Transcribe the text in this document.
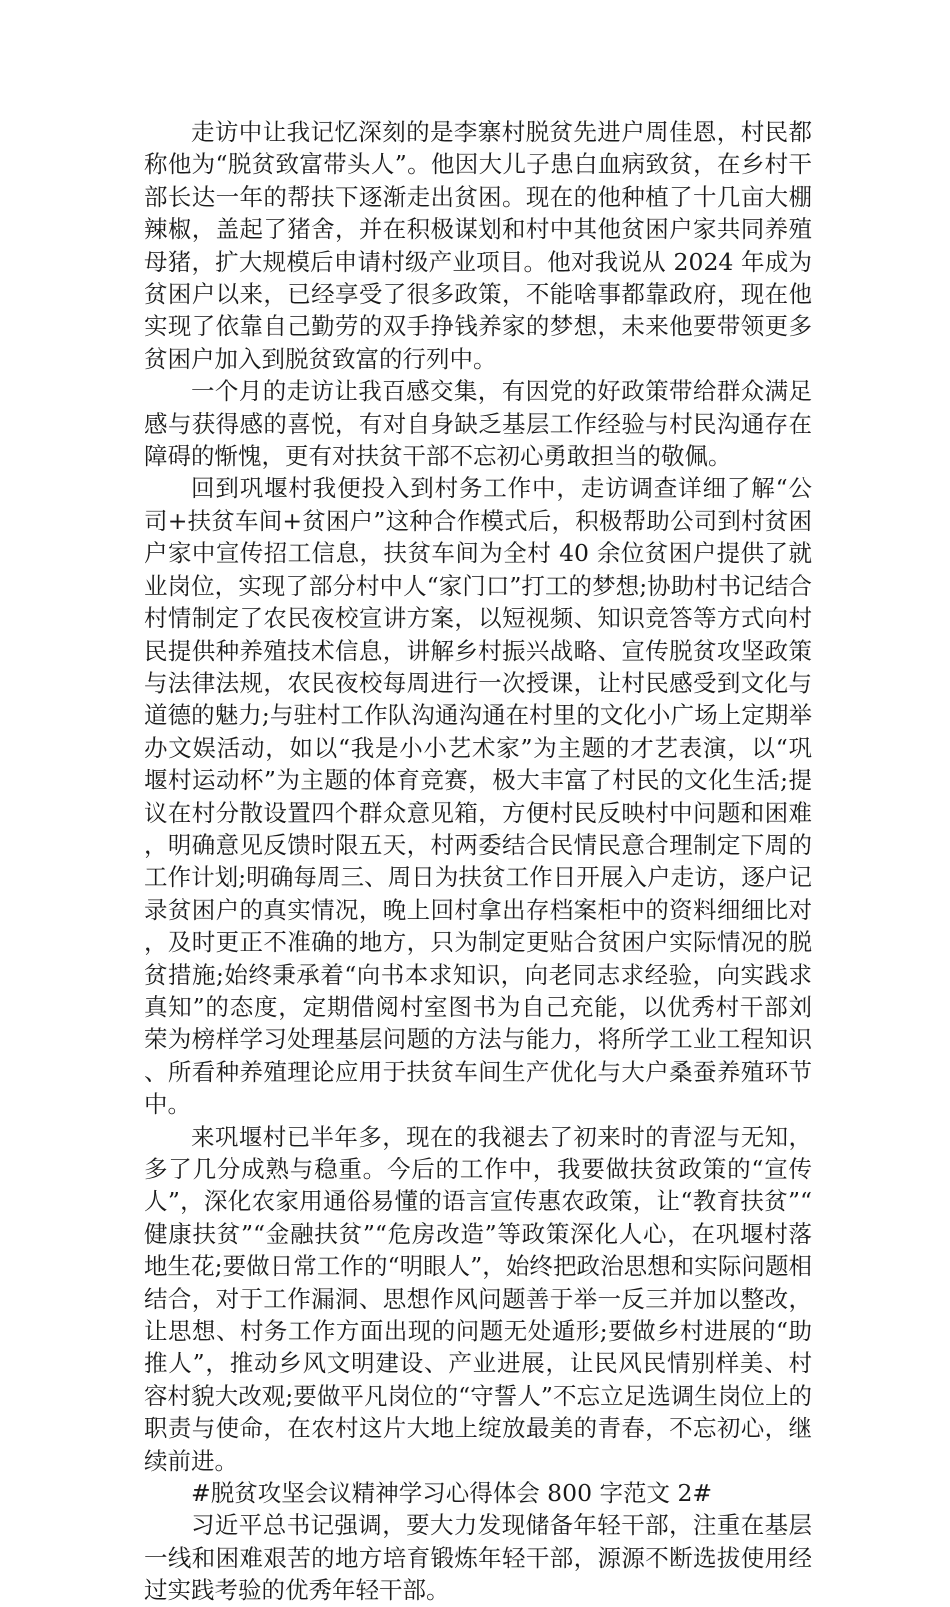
走访中让我记忆深刻的是李寨村脱贫先进户周佳恩，村民都称他为“脱贫致富带头人”。他因大儿子患白血病致贫，在乡村干部长达一年的帮扶下逐渐走出贫困。现在的他种植了十几亩大棚辣椒，盖起了猪舍，并在积极谋划和村中其他贫困户家共同养殖母猪，扩大规模后申请村级产业项目。他对我说从 2024 年成为贫困户以来，已经享受了很多政策，不能啥事都靠政府，现在他实现了依靠自己勤劳的双手挣钱养家的梦想，未来他要带领更多贫困户加入到脱贫致富的行列中。

一个月的走访让我百感交集，有因党的好政策带给群众满足感与获得感的喜悦，有对自身缺乏基层工作经验与村民沟通存在障碍的惭愧，更有对扶贫干部不忘初心勇敢担当的敬佩。

回到巩堰村我便投入到村务工作中，走访调查详细了解“公司+扶贫车间+贫困户”这种合作模式后，积极帮助公司到村贫困户家中宣传招工信息，扶贫车间为全村 40 余位贫困户提供了就业岗位，实现了部分村中人“家门口”打工的梦想;协助村书记结合村情制定了农民夜校宣讲方案，以短视频、知识竞答等方式向村民提供种养殖技术信息，讲解乡村振兴战略、宣传脱贫攻坚政策与法律法规，农民夜校每周进行一次授课，让村民感受到文化与道德的魅力;与驻村工作队沟通沟通在村里的文化小广场上定期举办文娱活动，如以“我是小小艺术家”为主题的才艺表演，以“巩堰村运动杯”为主题的体育竞赛，极大丰富了村民的文化生活;提议在村分散设置四个群众意见箱，方便村民反映村中问题和困难，明确意见反馈时限五天，村两委结合民情民意合理制定下周的工作计划;明确每周三、周日为扶贫工作日开展入户走访，逐户记录贫困户的真实情况，晚上回村拿出存档案柜中的资料细细比对，及时更正不准确的地方，只为制定更贴合贫困户实际情况的脱贫措施;始终秉承着“向书本求知识，向老同志求经验，向实践求真知”的态度，定期借阅村室图书为自己充能，以优秀村干部刘荣为榜样学习处理基层问题的方法与能力，将所学工业工程知识、所看种养殖理论应用于扶贫车间生产优化与大户桑蚕养殖环节中。

来巩堰村已半年多，现在的我褪去了初来时的青涩与无知，多了几分成熟与稳重。今后的工作中，我要做扶贫政策的“宣传人”，深化农家用通俗易懂的语言宣传惠农政策，让“教育扶贫”“健康扶贫”“金融扶贫”“危房改造”等政策深化人心，在巩堰村落地生花;要做日常工作的“明眼人”，始终把政治思想和实际问题相结合，对于工作漏洞、思想作风问题善于举一反三并加以整改，让思想、村务工作方面出现的问题无处遁形;要做乡村进展的“助推人”，推动乡风文明建设、产业进展，让民风民情别样美、村容村貌大改观;要做平凡岗位的“守誓人”不忘立足选调生岗位上的职责与使命，在农村这片大地上绽放最美的青春，不忘初心，继续前进。

#脱贫攻坚会议精神学习心得体会 800 字范文 2#

习近平总书记强调，要大力发现储备年轻干部，注重在基层一线和困难艰苦的地方培育锻炼年轻干部，源源不断选拔使用经过实践考验的优秀年轻干部。
